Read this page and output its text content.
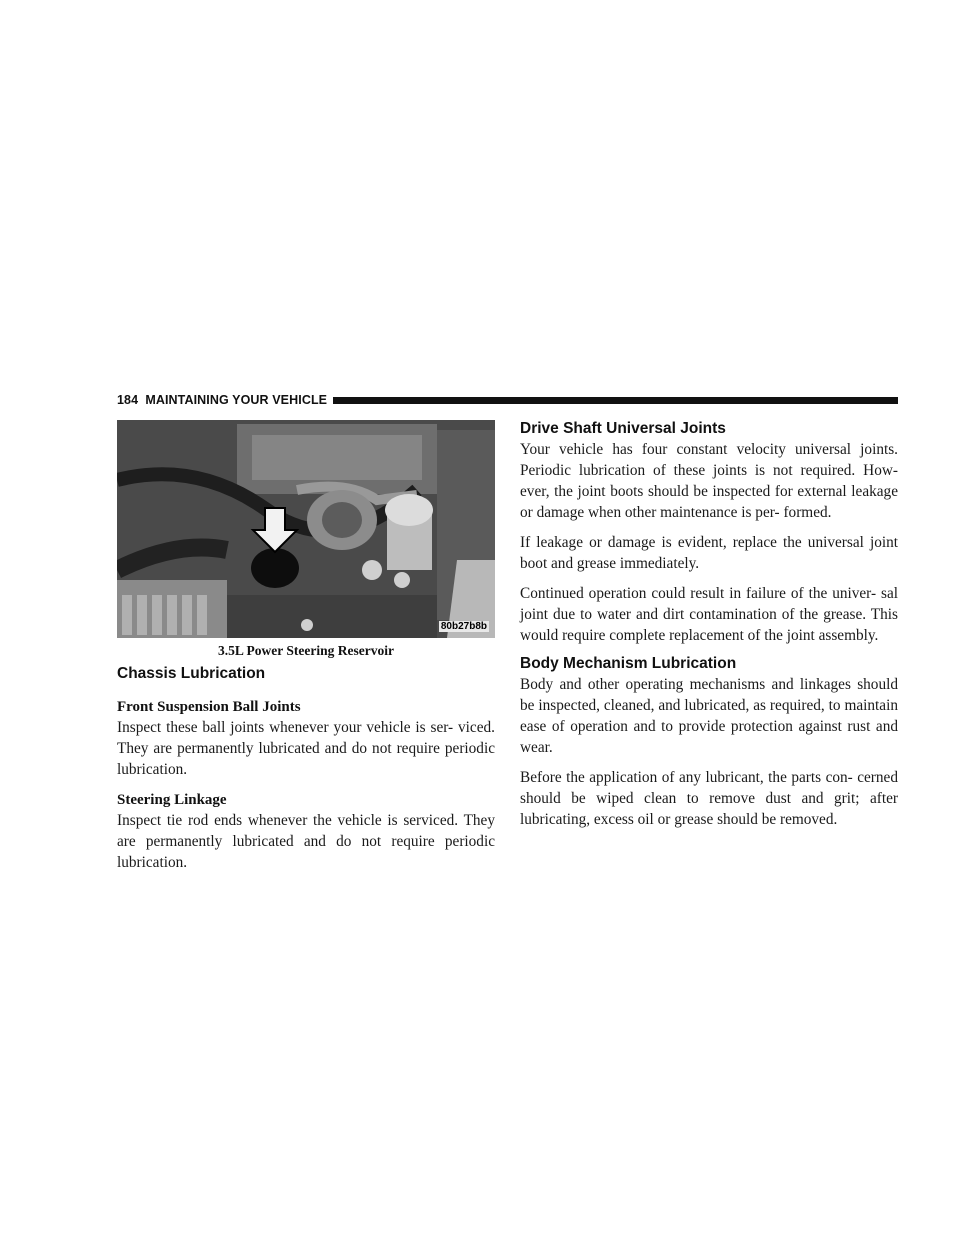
184 MAINTAINING YOUR VEHICLE
80b27b8b
3.5L Power Steering Reservoir
Chassis Lubrication
Front Suspension Ball Joints

Inspect these ball joints whenever your vehicle is ser- viced. They are permanently lubricated and do not require periodic lubrication.

Steering Linkage

Inspect tie rod ends whenever the vehicle is serviced. They are permanently lubricated and do not require periodic lubrication.

Drive Shaft Universal Joints

Your vehicle has four constant velocity universal joints. Periodic lubrication of these joints is not required. How- ever, the joint boots should be inspected for external leakage or damage when other maintenance is per- formed.

If leakage or damage is evident, replace the universal joint boot and grease immediately.

Continued operation could result in failure of the univer- sal joint due to water and dirt contamination of the grease. This would require complete replacement of the joint assembly.

Body Mechanism Lubrication

Body and other operating mechanisms and linkages should be inspected, cleaned, and lubricated, as required, to maintain ease of operation and to provide protection against rust and wear.

Before the application of any lubricant, the parts con- cerned should be wiped clean to remove dust and grit; after lubricating, excess oil or grease should be removed.
